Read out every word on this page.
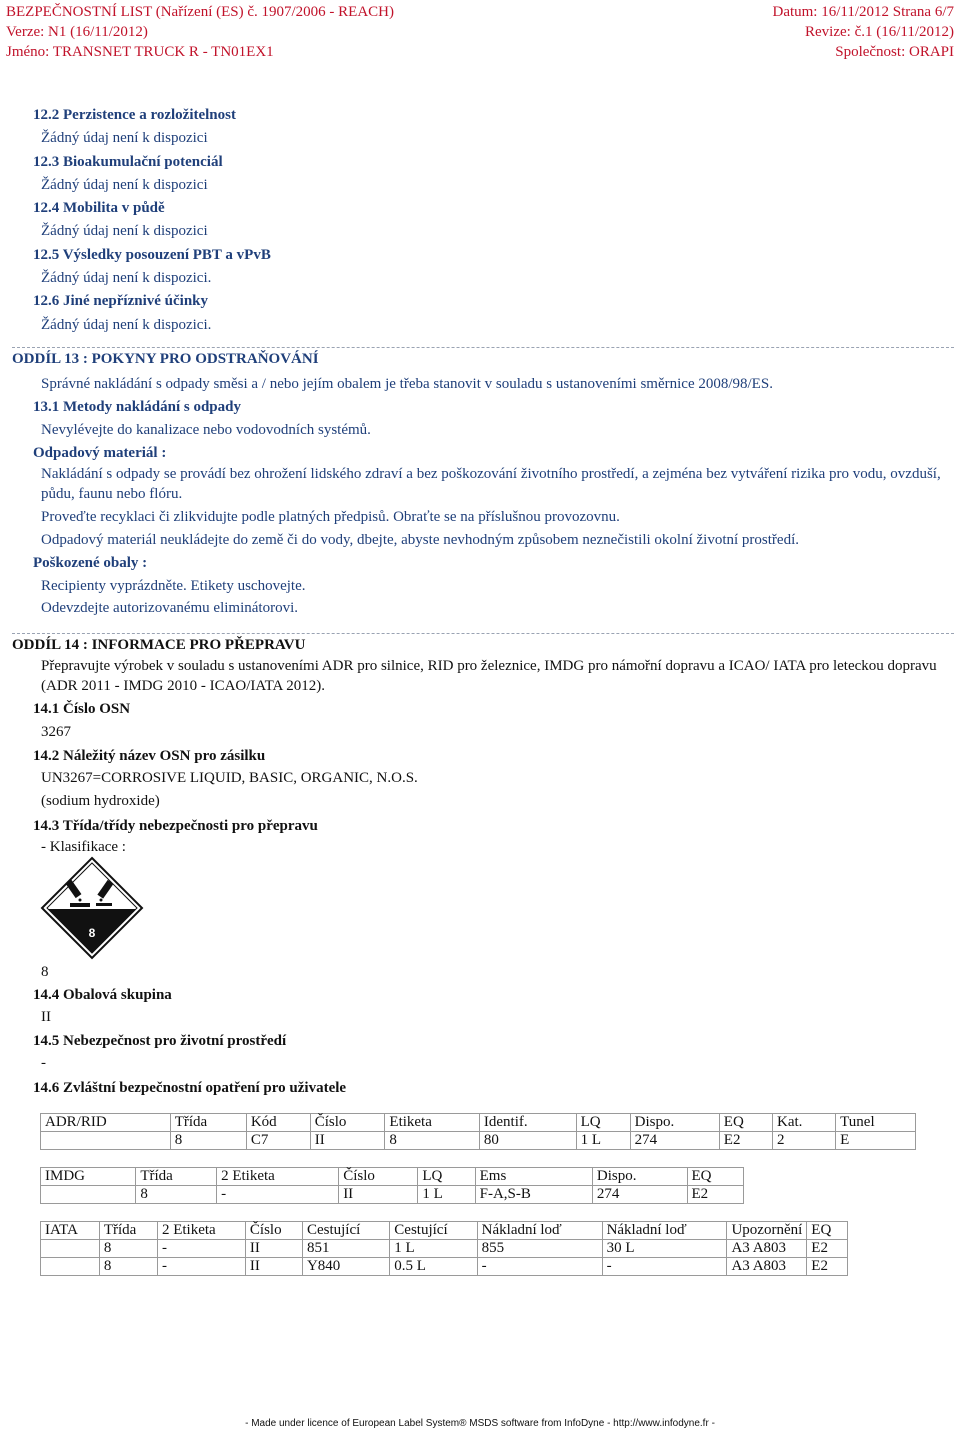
BEZPEČNOSTNÍ LIST (Nařízení (ES) č. 1907/2006 - REACH)	Datum: 16/11/2012 Strana 6/7
Verze: N1 (16/11/2012)	Revize: č.1 (16/11/2012)
Jméno: TRANSNET TRUCK R - TN01EX1	Společnost: ORAPI
12.2 Perzistence a rozložitelnost
Žádný údaj není k dispozici
12.3 Bioakumulační potenciál
Žádný údaj není k dispozici
12.4 Mobilita v půdě
Žádný údaj není k dispozici
12.5 Výsledky posouzení PBT a vPvB
Žádný údaj není k dispozici.
12.6 Jiné nepříznivé účinky
Žádný údaj není k dispozici.
ODDÍL 13 : POKYNY PRO ODSTRAŇOVÁNÍ
Správné nakládání s odpady směsi a / nebo jejím obalem je třeba stanovit v souladu s ustanoveními směrnice 2008/98/ES.
13.1 Metody nakládání s odpady
Nevylévejte do kanalizace nebo vodovodních systémů.
Odpadový materiál :
Nakládání s odpady se provádí bez ohrožení lidského zdraví a bez poškozování životního prostředí, a zejména bez vytváření rizika pro vodu, ovzduší, půdu, faunu nebo flóru.
Proveďte recyklaci či zlikvidujte podle platných předpisů. Obraťte se na příslušnou provozovnu.
Odpadový materiál neukládejte do země či do vody, dbejte, abyste nevhodným způsobem neznečistili okolní životní prostředí.
Poškozené obaly :
Recipienty vyprázdněte. Etikety uschovejte.
Odevzdejte autorizovanému eliminátorovi.
ODDÍL 14 : INFORMACE PRO PŘEPRAVU
Přepravujte výrobek v souladu s ustanoveními ADR pro silnice, RID pro železnice, IMDG pro námořní dopravu a ICAO/ IATA pro leteckou dopravu (ADR 2011 - IMDG 2010 - ICAO/IATA 2012).
14.1 Číslo OSN
3267
14.2 Náležitý název OSN pro zásilku
UN3267=CORROSIVE LIQUID, BASIC, ORGANIC, N.O.S.
(sodium hydroxide)
14.3 Třída/třídy nebezpečnosti pro přepravu
- Klasifikace :
8
8
14.4 Obalová skupina
II
14.5 Nebezpečnost pro životní prostředí
-
14.6 Zvláštní bezpečnostní opatření pro uživatele
ADR/RID	Třída	Kód	Číslo	Etiketa	Identif.	LQ	Dispo.	EQ	Kat.	Tunel
	8	C7	II	8	80	1 L	274	E2	2	E
IMDG	Třída	2 Etiketa	Číslo	LQ	Ems	Dispo.	EQ
	8	-	II	1 L	F-A,S-B	274	E2
IATA	Třída	2 Etiketa	Číslo	Cestující	Cestující	Nákladní loď	Nákladní loď	Upozornění	EQ
	8	-	II	851	1 L	855	30 L	A3 A803	E2
	8	-	II	Y840	0.5 L	-	-	A3 A803	E2
- Made under licence of European Label System® MSDS software from InfoDyne - http://www.infodyne.fr -
